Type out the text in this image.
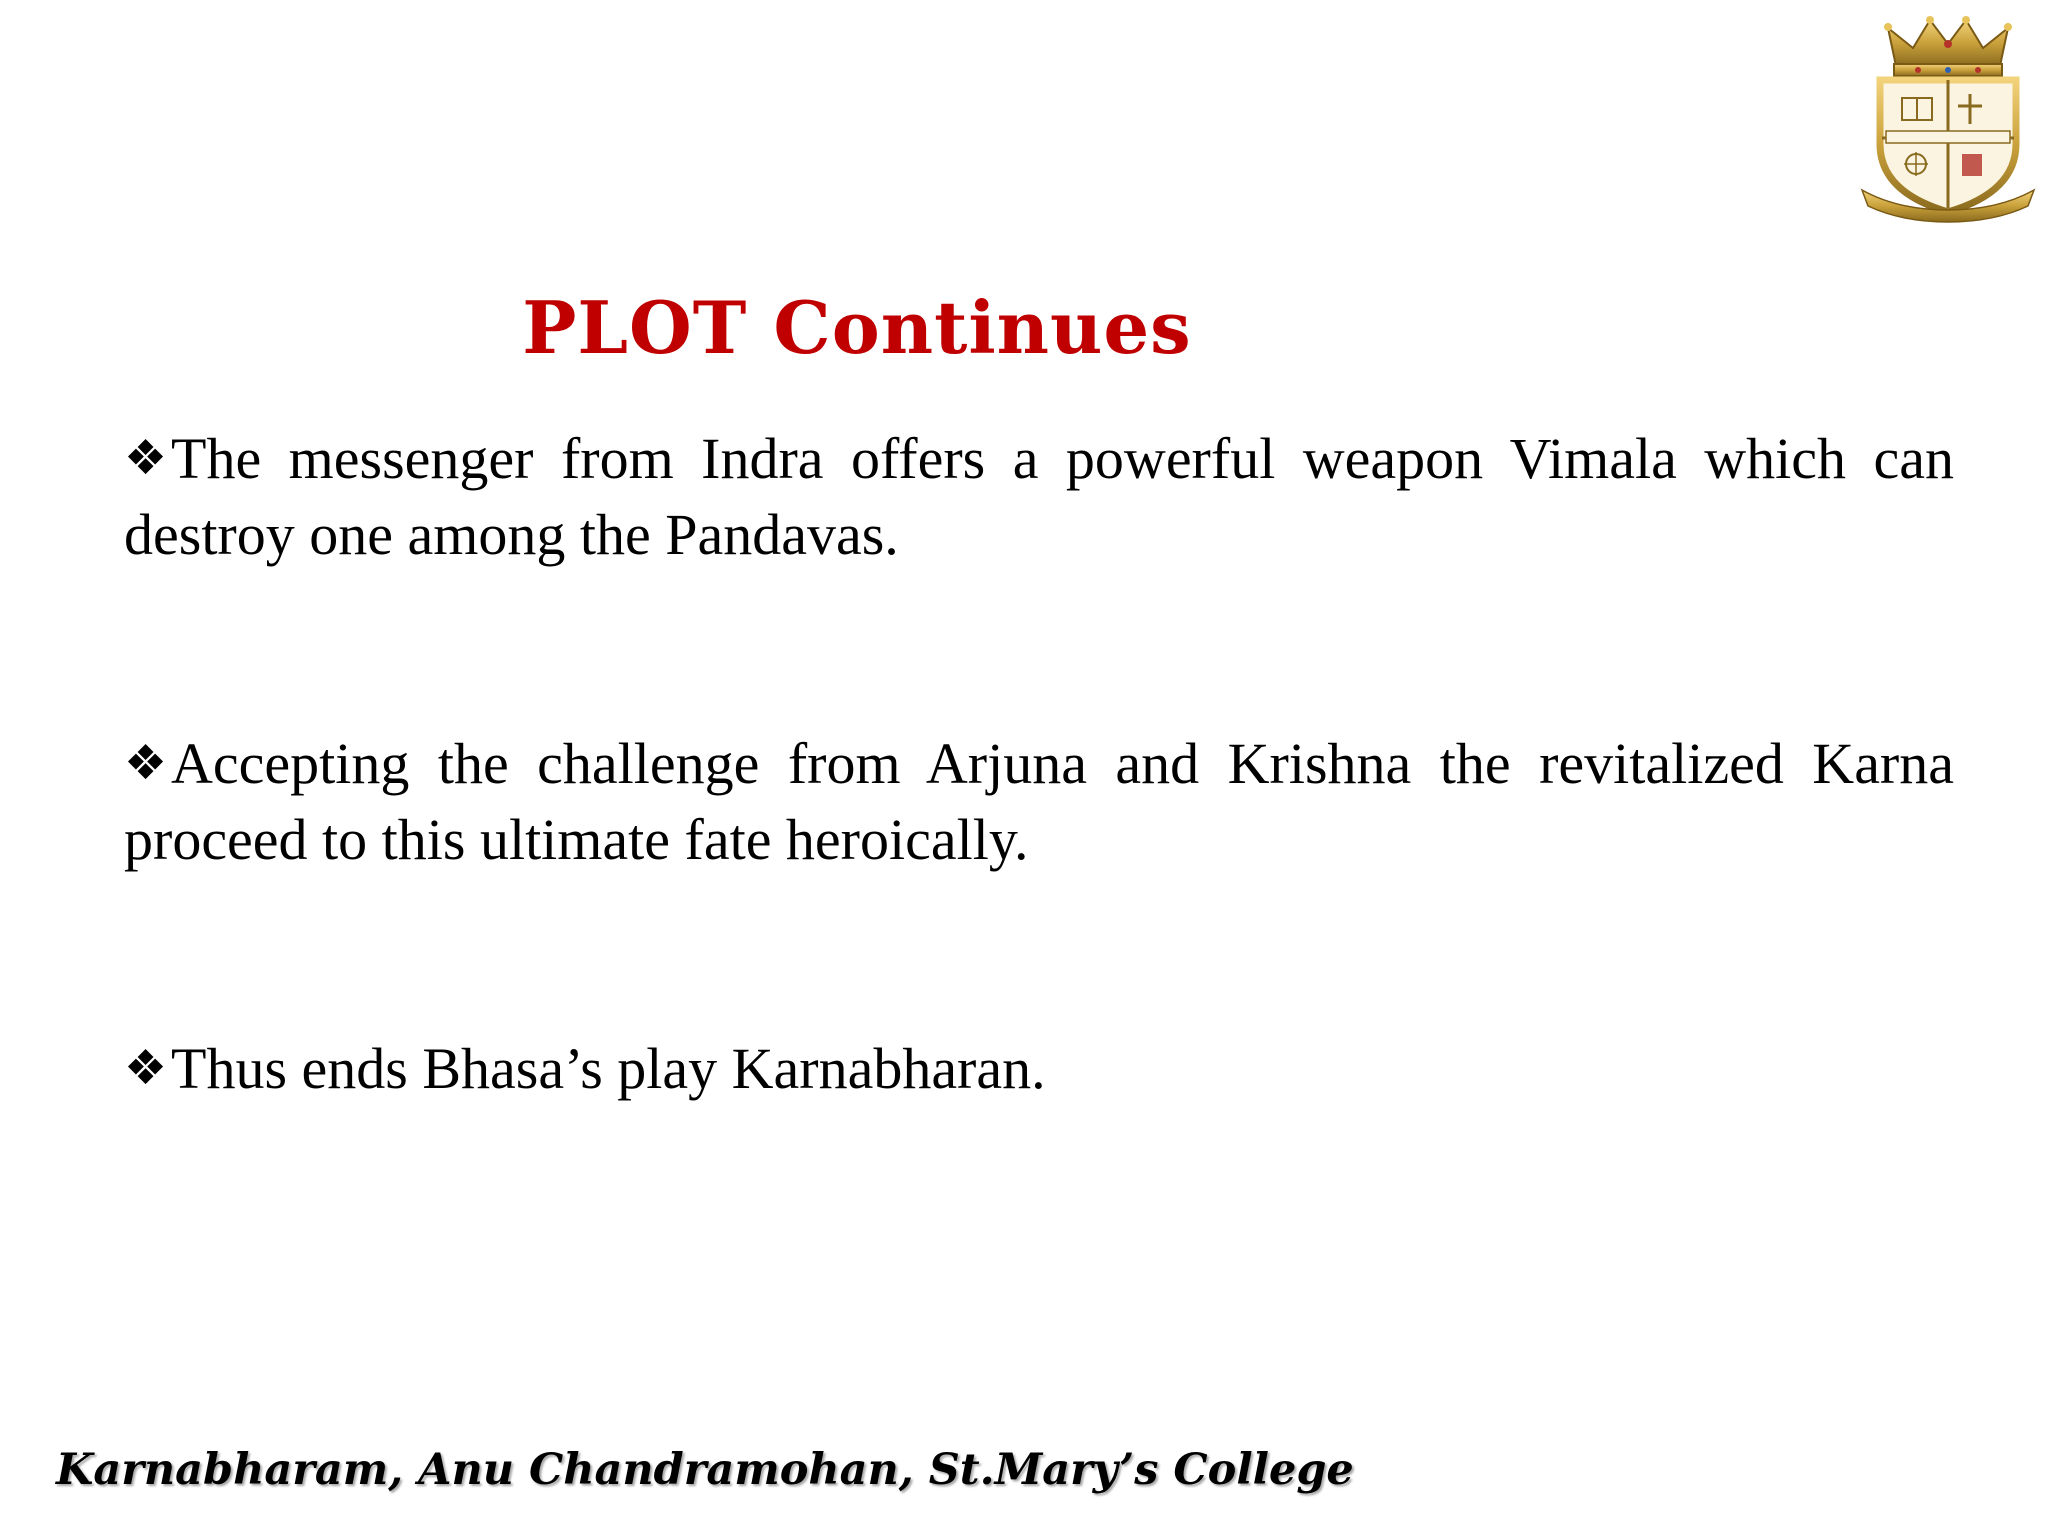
PLOT Continues
❖The messenger from Indra offers a powerful weapon Vimala which can destroy one among the Pandavas.
❖Accepting the challenge from Arjuna and Krishna the revitalized Karna proceed to this ultimate fate heroically.
❖Thus ends Bhasa’s play Karnabharan.
Karnabharam, Anu Chandramohan, St.Mary’s College
